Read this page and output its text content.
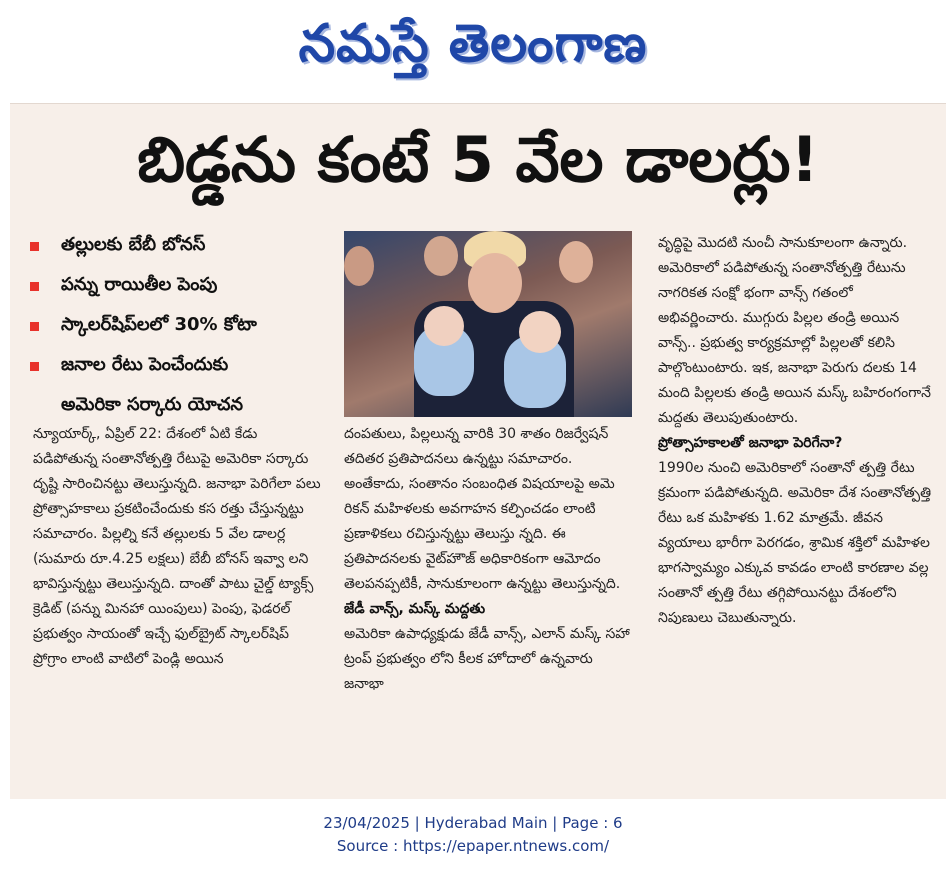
నమస్తే తెలంగాణ
బిడ్డను కంటే 5 వేల డాలర్లు!
తల్లులకు బేబీ బోనస్
పన్ను రాయితీల పెంపు
స్కాలర్‌షిప్‌లలో 30% కోటా
జనాల రేటు పెంచేందుకు
అమెరికా సర్కారు యోచన

న్యూయార్క్, ఏప్రిల్ 22: దేశంలో ఏటి కేడు పడిపోతున్న సంతానోత్పత్తి రేటుపై అమెరికా సర్కారు దృష్టి సారించినట్టు తెలుస్తున్నది. జనాభా పెరిగేలా పలు ప్రోత్సాహకాలు ప్రకటించేందుకు కస రత్తు చేస్తున్నట్టు సమాచారం. పిల్లల్ని కనే తల్లులకు 5 వేల డాలర్ల (సుమారు రూ.4.25 లక్షలు) బేబీ బోనస్ ఇవ్వా లని భావిస్తున్నట్టు తెలుస్తున్నది. దాంతో పాటు చైల్డ్ ట్యాక్స్ క్రెడిట్ (పన్ను మినహా యింపులు) పెంపు, ఫెడరల్ ప్రభుత్వం సాయంతో ఇచ్చే ఫుల్‌బ్రైట్ స్కాలర్‌షిప్ ప్రోగ్రాం లాంటి వాటిలో పెండ్లి అయిన

దంపతులు, పిల్లలున్న వారికి 30 శాతం రిజర్వేషన్ తదితర ప్రతిపాదనలు ఉన్నట్టు సమాచారం. అంతేకాదు, సంతానం సంబంధిత విషయాలపై అమె రికన్ మహిళలకు అవగాహన కల్పించడం లాంటి ప్రణాళికలు రచిస్తున్నట్టు తెలుస్తు న్నది. ఈ ప్రతిపాదనలకు వైట్‌హౌజ్ అధికారికంగా ఆమోదం తెలపనప్పటికీ, సానుకూలంగా ఉన్నట్టు తెలుస్తున్నది.

జేడీ వాన్స్, మస్క్ మద్దతు

అమెరికా ఉపాధ్యక్షుడు జేడీ వాన్స్, ఎలాన్ మస్క్ సహా ట్రంప్ ప్రభుత్వం లోని కీలక హోదాలో ఉన్నవారు జనాభా

వృద్ధిపై మొదటి నుంచీ సానుకూలంగా ఉన్నారు. అమెరికాలో పడిపోతున్న సంతానోత్పత్తి రేటును నాగరికత సంక్షో భంగా వాన్స్ గతంలో అభివర్ణించారు. ముగ్గురు పిల్లల తండ్రి అయిన వాన్స్.. ప్రభుత్వ కార్యక్రమాల్లో పిల్లలతో కలిసి పాల్గొంటుంటారు. ఇక, జనాభా పెరుగు దలకు 14 మంది పిల్లలకు తండ్రి అయిన మస్క్ బహిరంగంగానే మద్దతు తెలుపుతుంటారు.

ప్రోత్సాహకాలతో జనాభా పెరిగేనా?

1990ల నుంచి అమెరికాలో సంతానో త్పత్తి రేటు క్రమంగా పడిపోతున్నది. అమెరికా దేశ సంతానోత్పత్తి రేటు ఒక మహిళకు 1.62 మాత్రమే. జీవన వ్యయాలు భారీగా పెరగడం, శ్రామిక శక్తిలో మహిళల భాగస్వామ్యం ఎక్కువ కావడం లాంటి కారణాల వల్ల సంతానో త్పత్తి రేటు తగ్గిపోయినట్టు దేశంలోని నిపుణులు చెబుతున్నారు.

23/04/2025 | Hyderabad Main | Page : 6
Source : https://epaper.ntnews.com/
